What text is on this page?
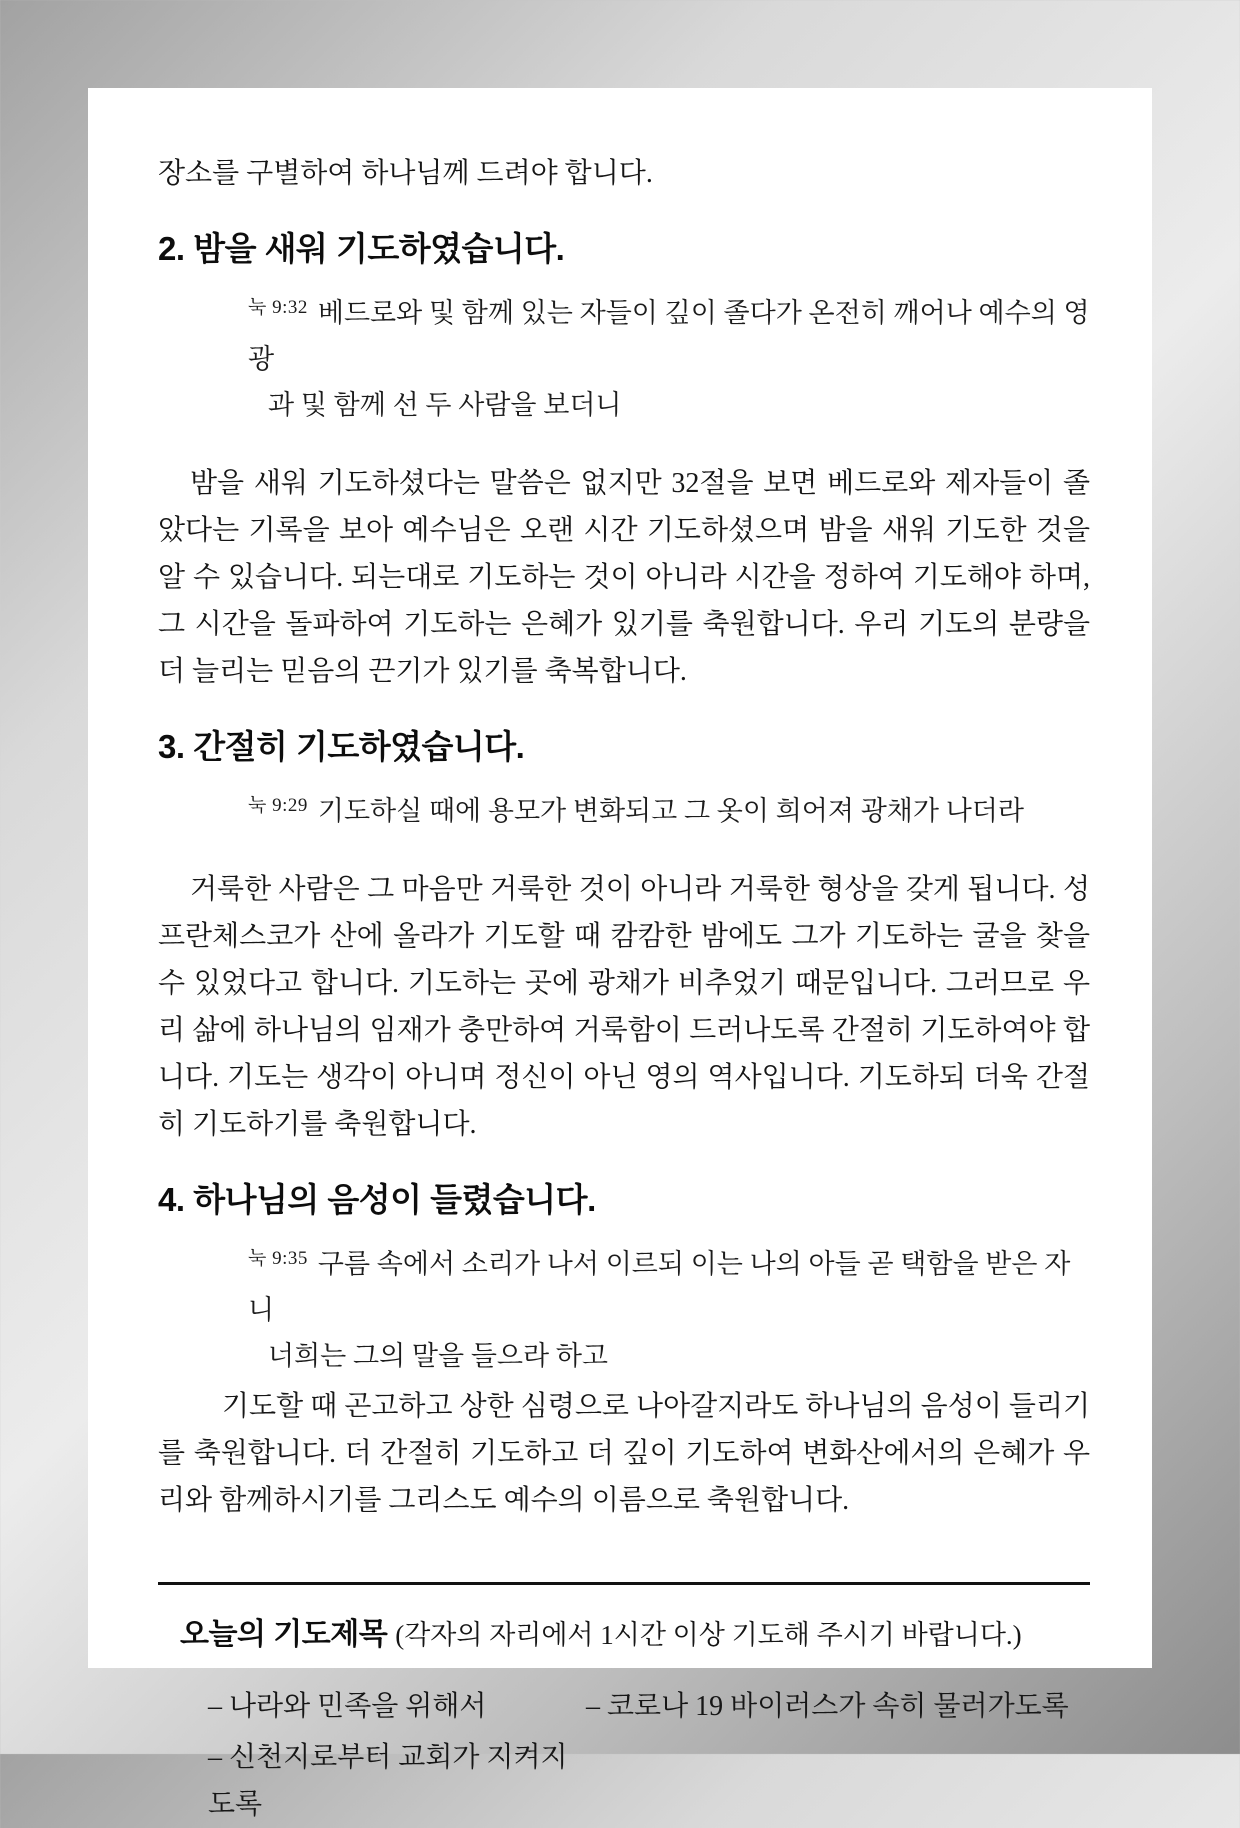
장소를 구별하여 하나님께 드려야 합니다.

2. 밤을 새워 기도하였습니다.
$^{눅 9:32}$ 베드로와 및 함께 있는 자들이 깊이 졸다가 온전히 깨어나 예수의 영광
과 및 함께 선 두 사람을 보더니

밤을 새워 기도하셨다는 말씀은 없지만 32절을 보면 베드로와 제자들이 졸았다는 기록을 보아 예수님은 오랜 시간 기도하셨으며 밤을 새워 기도한 것을 알 수 있습니다. 되는대로 기도하는 것이 아니라 시간을 정하여 기도해야 하며, 그 시간을 돌파하여 기도하는 은혜가 있기를 축원합니다. 우리 기도의 분량을 더 늘리는 믿음의 끈기가 있기를 축복합니다.

3. 간절히 기도하였습니다.
$^{눅 9:29}$ 기도하실 때에 용모가 변화되고 그 옷이 희어져 광채가 나더라

거룩한 사람은 그 마음만 거룩한 것이 아니라 거룩한 형상을 갖게 됩니다. 성 프란체스코가 산에 올라가 기도할 때 캄캄한 밤에도 그가 기도하는 굴을 찾을 수 있었다고 합니다. 기도하는 곳에 광채가 비추었기 때문입니다. 그러므로 우리 삶에 하나님의 임재가 충만하여 거룩함이 드러나도록 간절히 기도하여야 합니다. 기도는 생각이 아니며 정신이 아닌 영의 역사입니다. 기도하되 더욱 간절히 기도하기를 축원합니다.

4. 하나님의 음성이 들렸습니다.
$^{눅 9:35}$ 구름 속에서 소리가 나서 이르되 이는 나의 아들 곧 택함을 받은 자니
너희는 그의 말을 들으라 하고

기도할 때 곤고하고 상한 심령으로 나아갈지라도 하나님의 음성이 들리기를 축원합니다. 더 간절히 기도하고 더 깊이 기도하여 변화산에서의 은혜가 우리와 함께하시기를 그리스도 예수의 이름으로 축원합니다.

오늘의 기도제목 (각자의 자리에서 1시간 이상 기도해 주시기 바랍니다.)
– 나라와 민족을 위해서	– 코로나 19 바이러스가 속히 물러가도록
– 신천지로부터 교회가 지켜지도록
